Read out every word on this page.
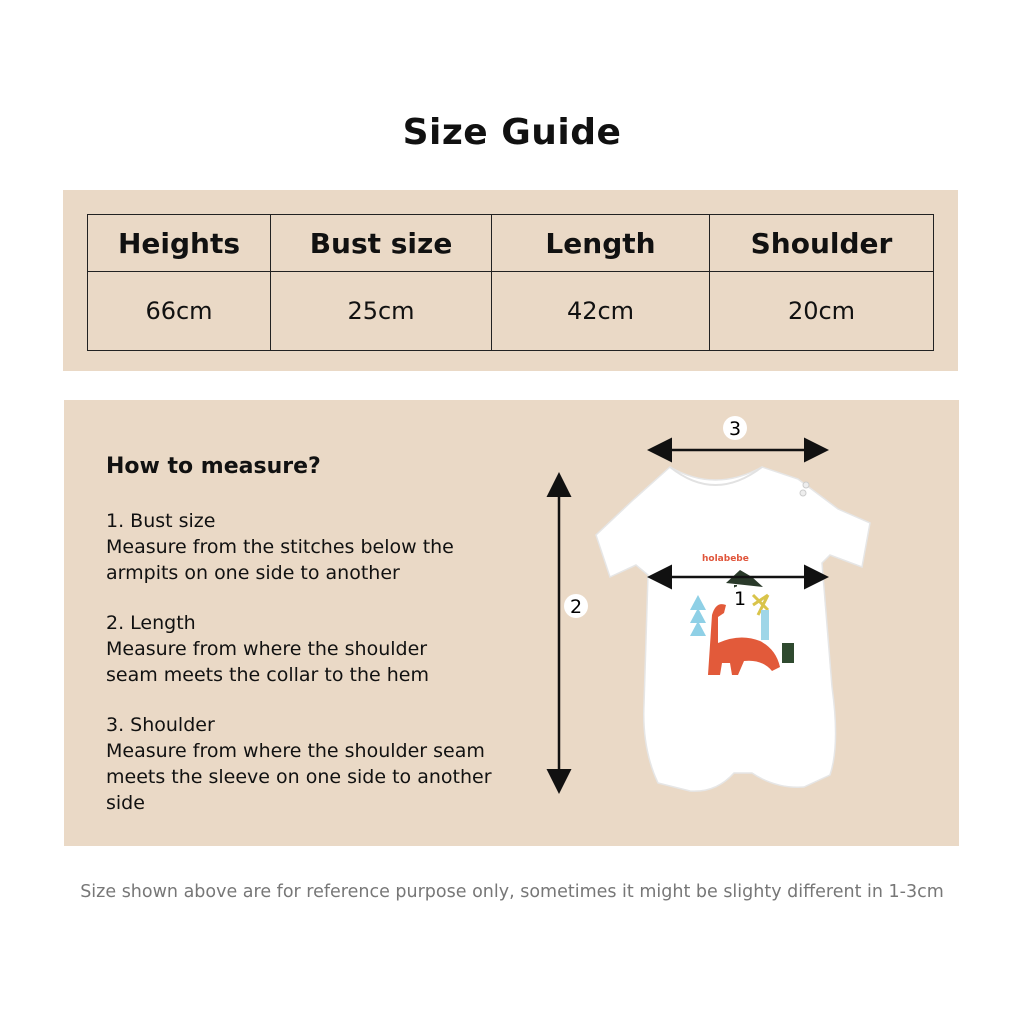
Size Guide
Heights	Bust size	Length	Shoulder
66cm	25cm	42cm	20cm
How to measure?

1. Bust size

Measure from the stitches below the

armpits on one side to another

2. Length

Measure from where the shoulder

seam meets the collar to the hem

3. Shoulder

Measure from where the shoulder seam

meets the sleeve on one side to another

side

holabebe
3
1
2
Size shown above are for reference purpose only, sometimes it might be slighty different in 1-3cm
